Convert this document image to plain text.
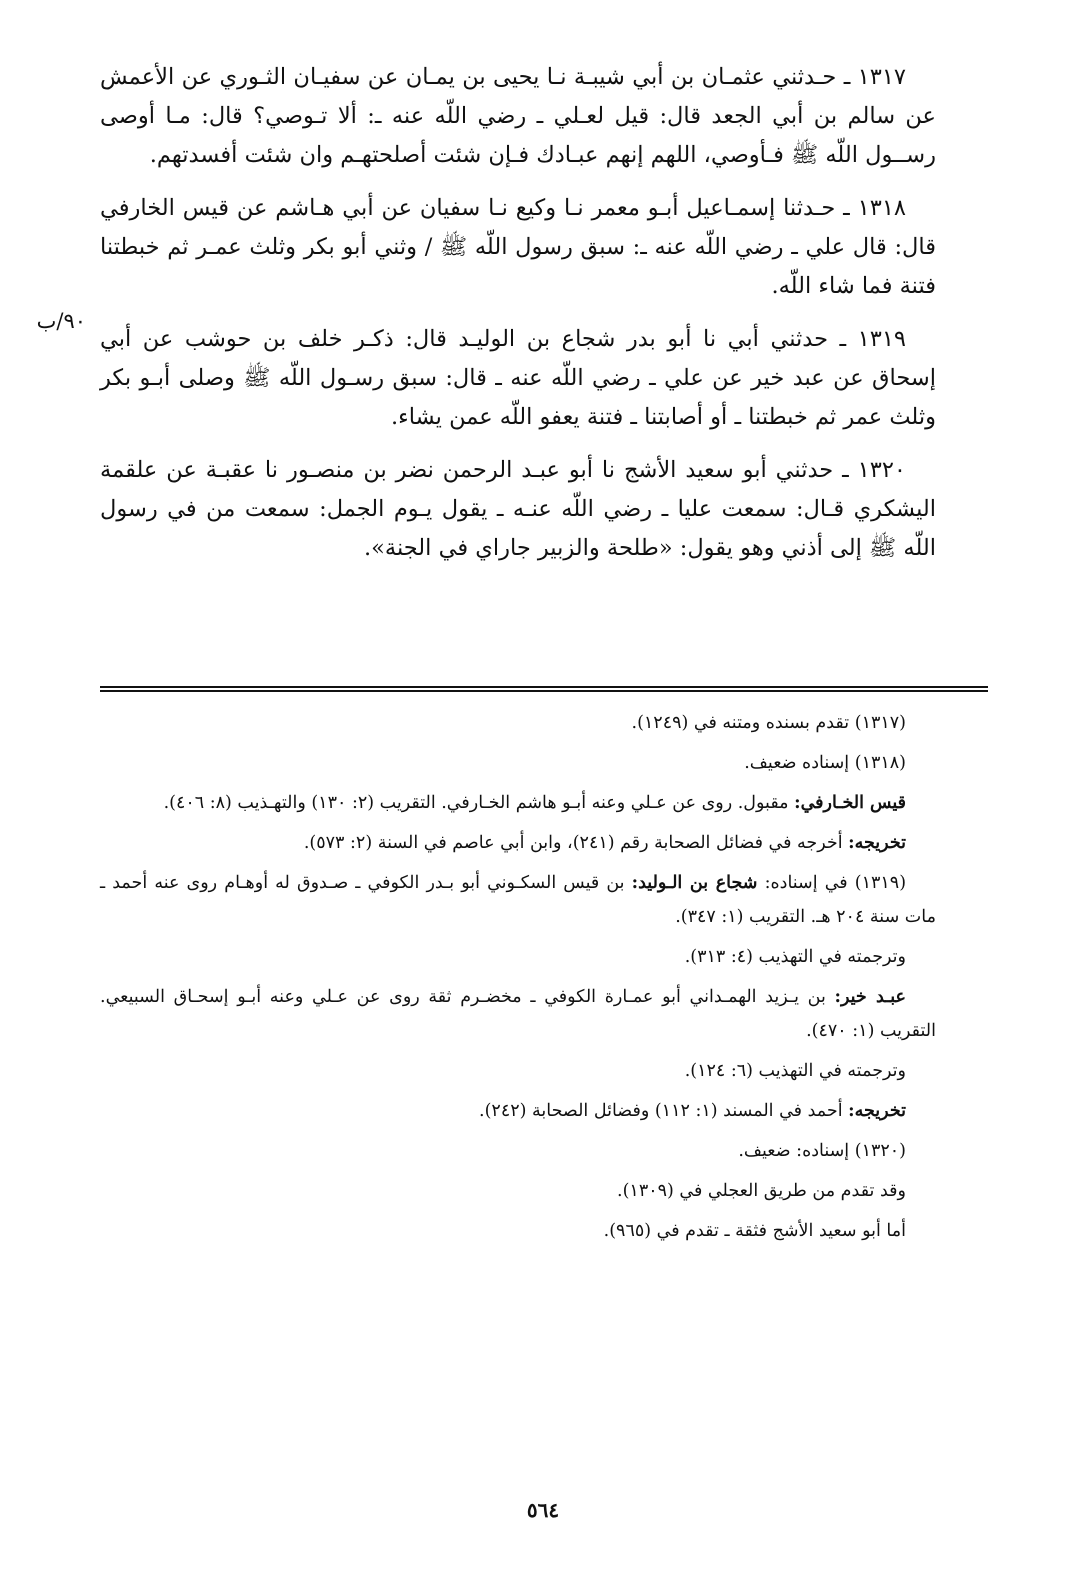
١٣١٧ ـ حـدثني عثمـان بن أبي شيبـة نـا يحيى بن يمـان عن سفيـان الثـوري عن الأعمش عن سالم بن أبي الجعد قال: قيل لعـلي ـ رضي اللّه عنه ـ: ألا تـوصي؟ قال: مـا أوصى رســول اللّه ﷺ فـأوصي، اللهم إنهم عبـادك فـإن شئت أصلحتهـم وان شئت أفسدتهم.

١٣١٨ ـ حـدثنا إسمـاعيل أبـو معمر نـا وكيع نـا سفيان عن أبي هـاشم عن قيس الخارفي قال: قال علي ـ رضي اللّه عنه ـ: سبق رسول اللّه ﷺ / وثني أبو بكر وثلث عمـر ثم خبطتنا فتنة فما شاء اللّه.

١٣١٩ ـ حدثني أبي نا أبو بدر شجاع بن الوليـد قال: ذكـر خلف بن حوشب عن أبي إسحاق عن عبد خير عن علي ـ رضي اللّه عنه ـ قال: سبق رسـول اللّه ﷺ وصلى أبـو بكر وثلث عمر ثم خبطتنا ـ أو أصابتنا ـ فتنة يعفو اللّه عمن يشاء.

١٣٢٠ ـ حدثني أبو سعيد الأشج نا أبو عبـد الرحمن نضر بن منصـور نا عقبـة عن علقمة اليشكري قـال: سمعت عليا ـ رضي اللّه عنـه ـ يقول يـوم الجمل: سمعت من في رسول اللّه ﷺ إلى أذني وهو يقول: «طلحة والزبير جاراي في الجنة».

٩٠/ب

(١٣١٧) تقدم بسنده ومتنه في (١٢٤٩).

(١٣١٨) إسناده ضعيف.

قيس الخـارفي: مقبول. روى عن عـلي وعنه أبـو هاشم الخـارفي. التقريب (٢: ١٣٠) والتهـذيب (٨: ٤٠٦).

تخريجه: أخرجه في فضائل الصحابة رقم (٢٤١)، وابن أبي عاصم في السنة (٢: ٥٧٣).

(١٣١٩) في إسناده: شجاع بن الـوليد: بن قيس السكـوني أبو بـدر الكوفي ـ صـدوق له أوهـام روى عنه أحمد ـ مات سنة ٢٠٤ هـ. التقريب (١: ٣٤٧).

وترجمته في التهذيب (٤: ٣١٣).

عبـد خير: بن يـزيد الهمـداني أبو عمـارة الكوفي ـ مخضـرم ثقة روى عن عـلي وعنه أبـو إسحـاق السبيعي. التقريب (١: ٤٧٠).

وترجمته في التهذيب (٦: ١٢٤).

تخريجه: أحمد في المسند (١: ١١٢) وفضائل الصحابة (٢٤٢).

(١٣٢٠) إسناده: ضعيف.

وقد تقدم من طريق العجلي في (١٣٠٩).

أما أبو سعيد الأشج فثقة ـ تقدم في (٩٦٥).

٥٦٤
